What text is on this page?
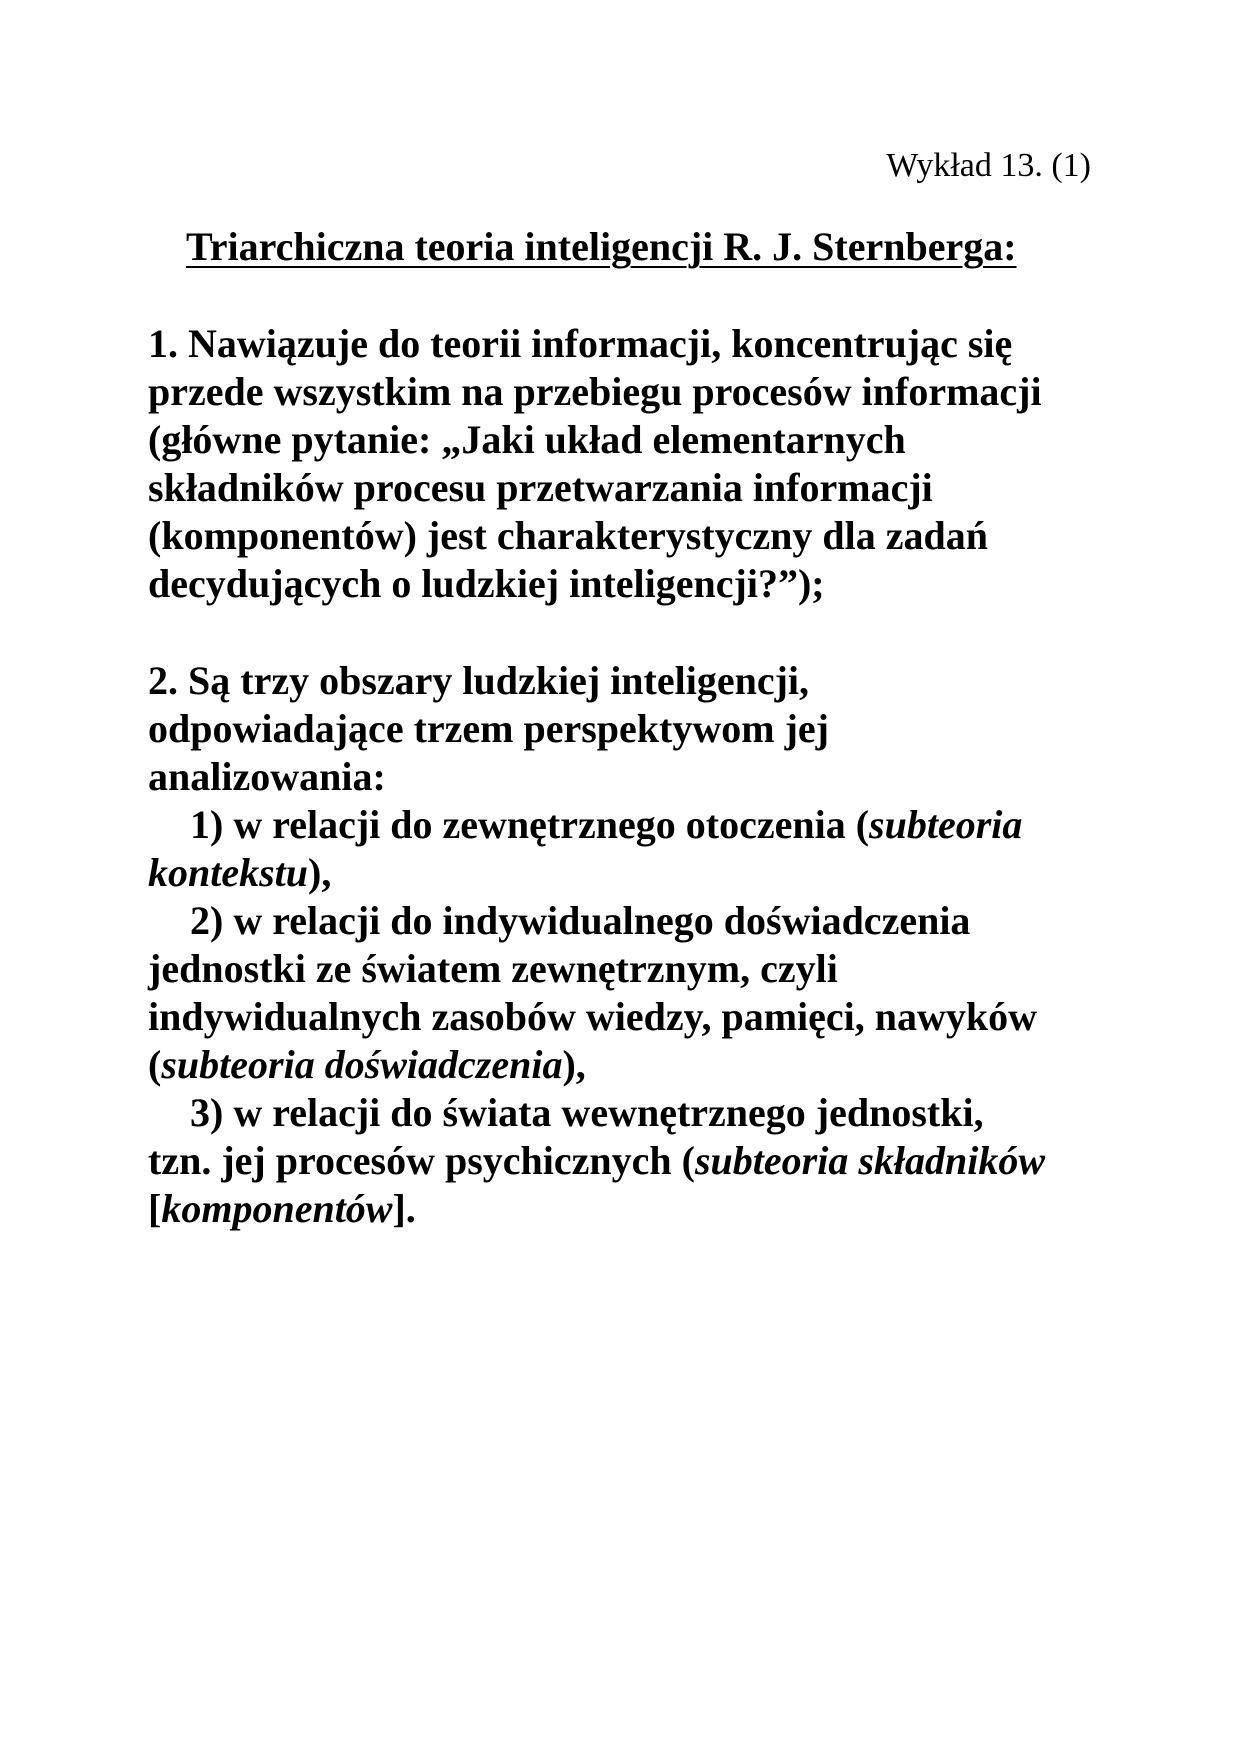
Wykład 13. (1)
Triarchiczna teoria inteligencji R. J. Sternberga:
1. Nawiązuje do teorii informacji, koncentrując się
przede wszystkim na przebiegu procesów informacji
(główne pytanie: „Jaki układ elementarnych
składników procesu przetwarzania informacji
(komponentów) jest charakterystyczny dla zadań
decydujących o ludzkiej inteligencji?”);
2. Są trzy obszary ludzkiej inteligencji,
odpowiadające trzem perspektywom jej
analizowania:
1) w relacji do zewnętrznego otoczenia (subteoria
kontekstu),
2) w relacji do indywidualnego doświadczenia
jednostki ze światem zewnętrznym, czyli
indywidualnych zasobów wiedzy, pamięci, nawyków
(subteoria doświadczenia),
3) w relacji do świata wewnętrznego jednostki,
tzn. jej procesów psychicznych (subteoria składników
[komponentów].
